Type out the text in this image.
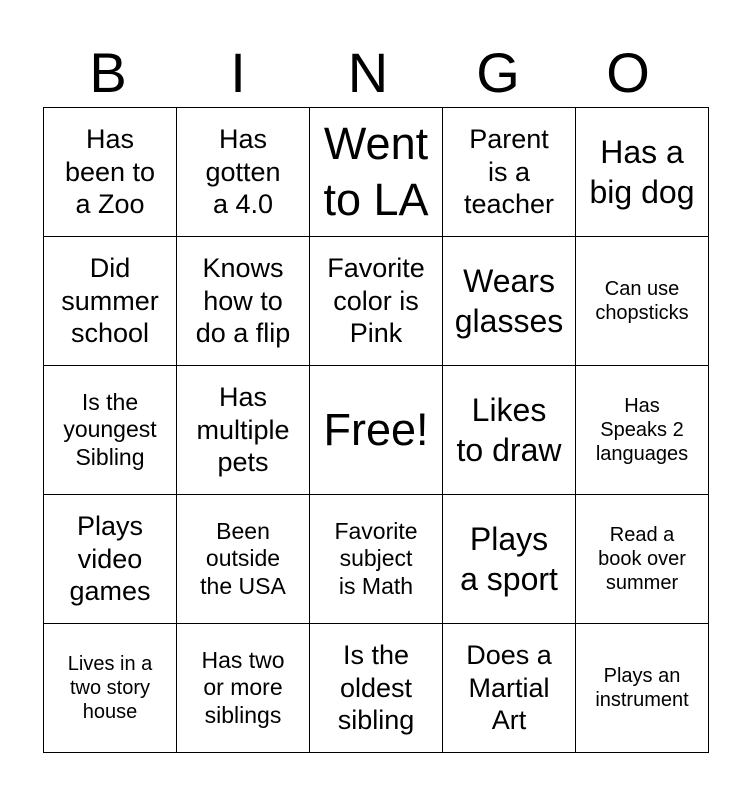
B	I	N	G	O
Has
been to
a Zoo	Has
gotten
a 4.0	Went
to LA	Parent
is a
teacher	Has a
big dog
Did
summer
school	Knows
how to
do a flip	Favorite
color is
Pink	Wears
glasses	Can use
chopsticks
Is the
youngest
Sibling	Has
multiple
pets	Free!	Likes
to draw	Has
Speaks 2
languages
Plays
video
games	Been
outside
the USA	Favorite
subject
is Math	Plays
a sport	Read a
book over
summer
Lives in a
two story
house	Has two
or more
siblings	Is the
oldest
sibling	Does a
Martial
Art	Plays an
instrument
